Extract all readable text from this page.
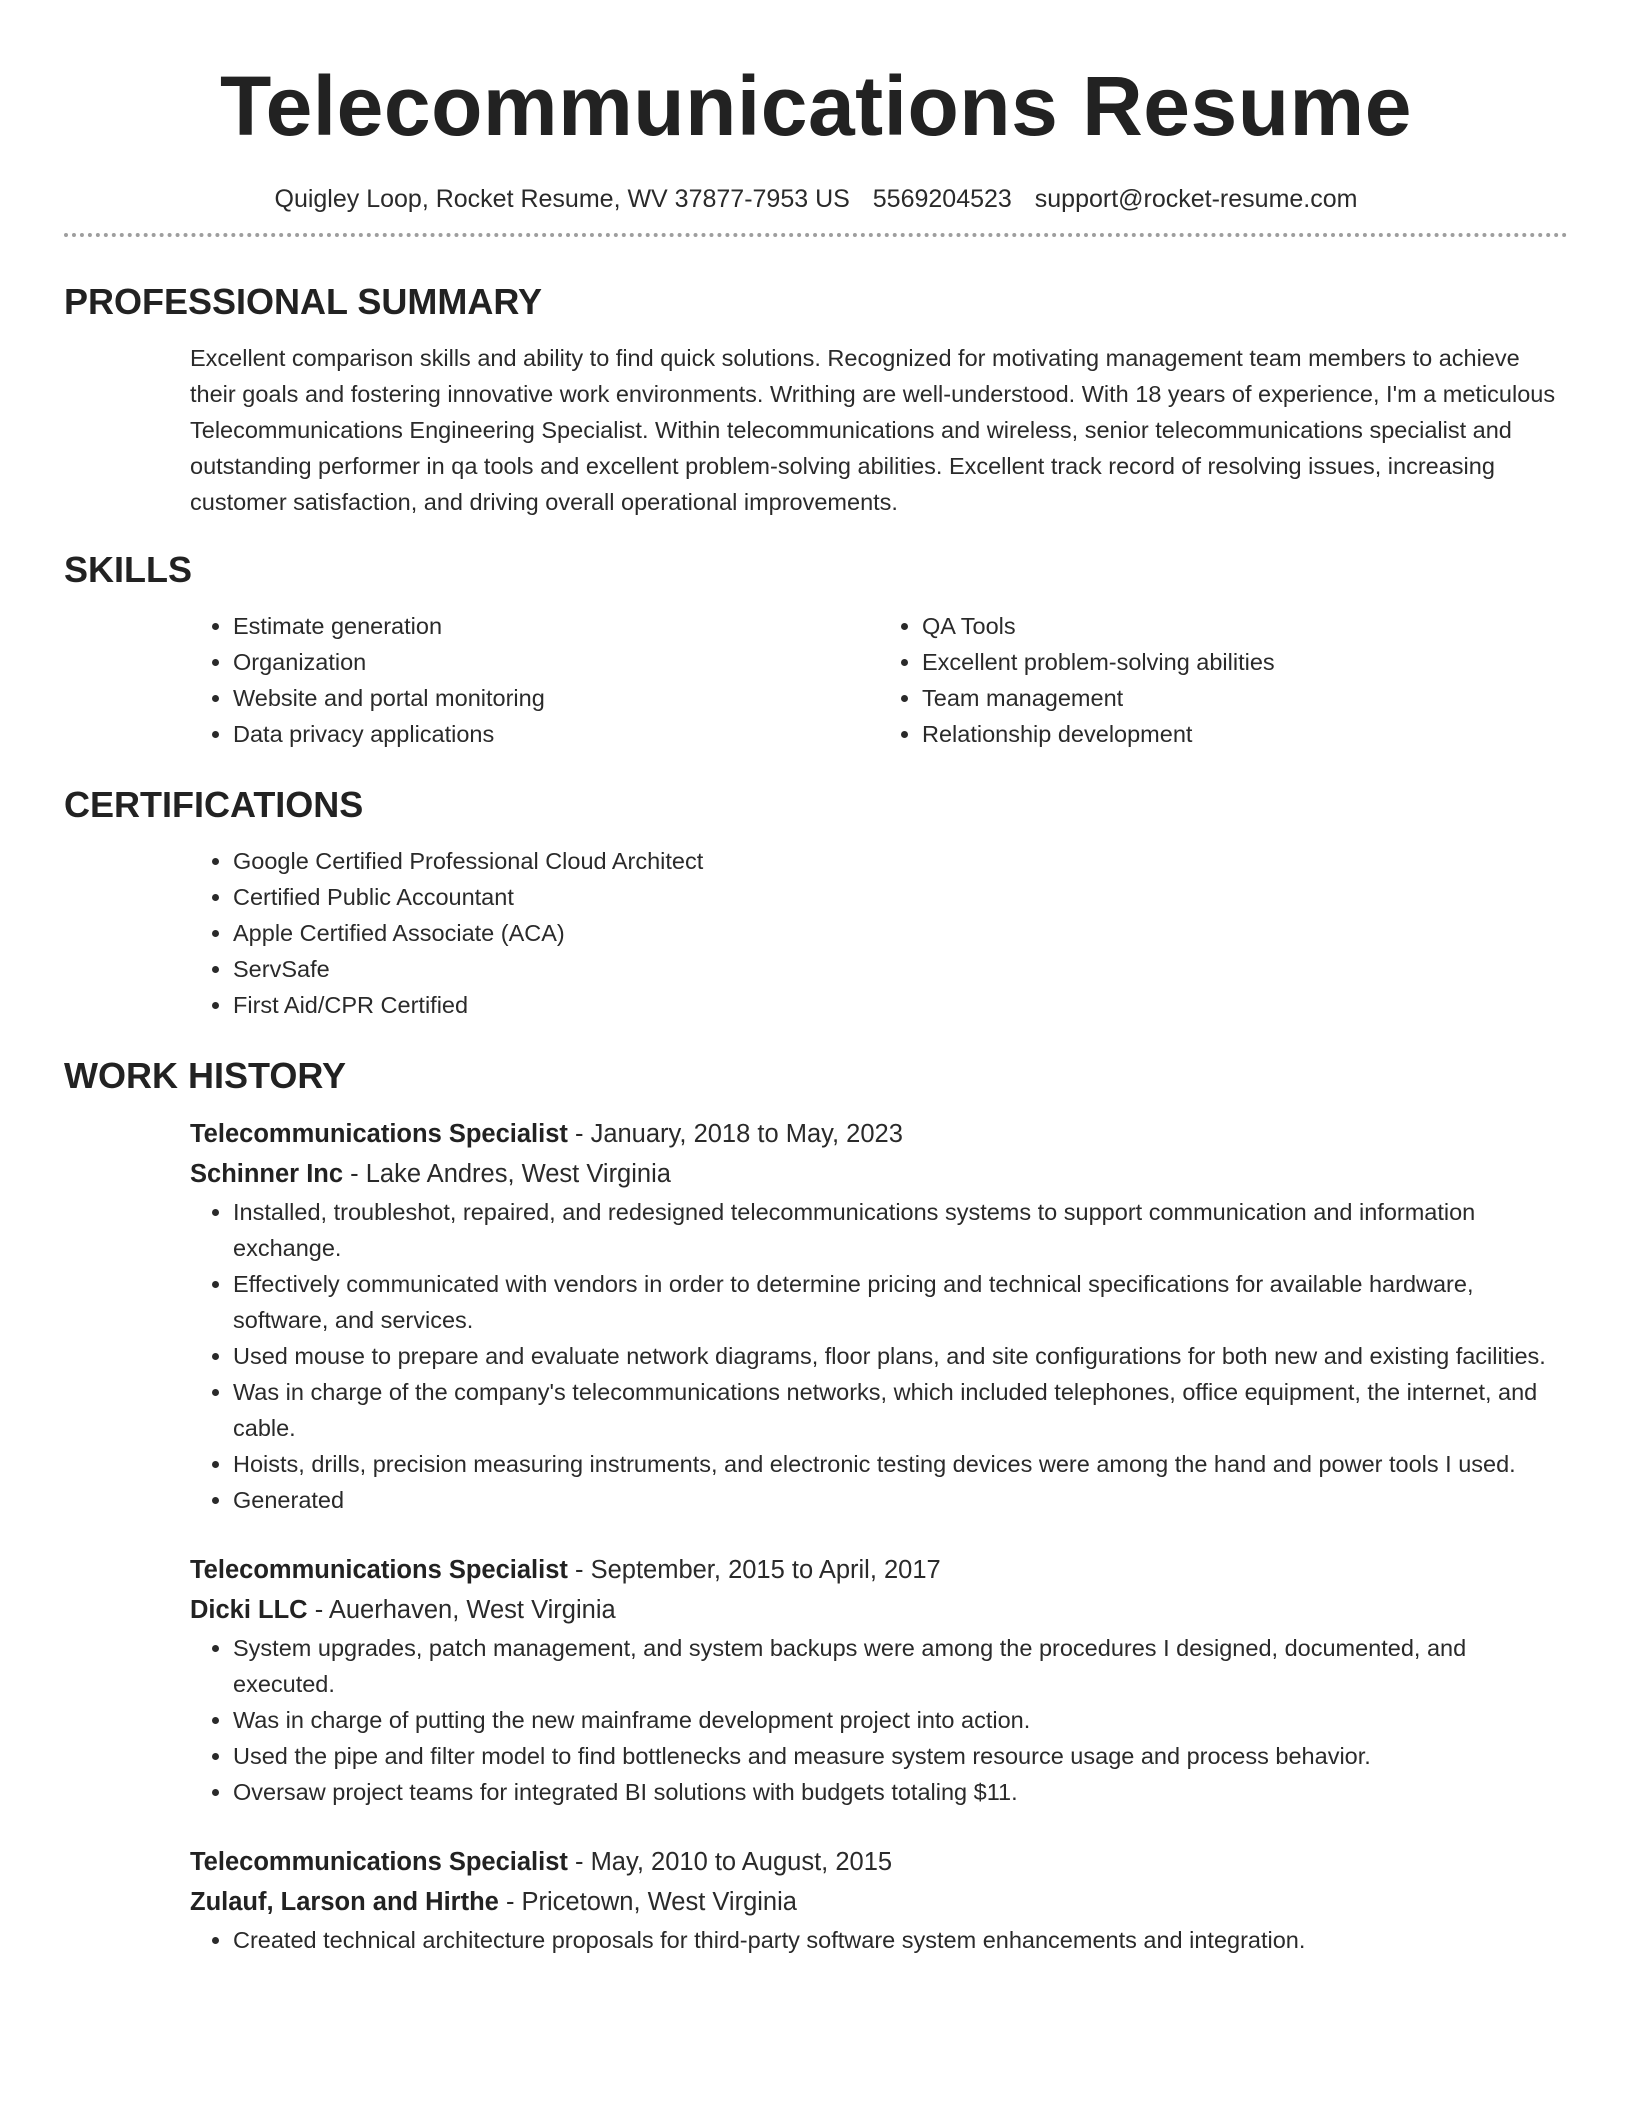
Telecommunications Resume
Quigley Loop, Rocket Resume, WV 37877-7953 US 5569204523 support@rocket-resume.com
PROFESSIONAL SUMMARY
Excellent comparison skills and ability to find quick solutions. Recognized for motivating management team members to achieve their goals and fostering innovative work environments. Writhing are well-understood. With 18 years of experience, I'm a meticulous Telecommunications Engineering Specialist. Within telecommunications and wireless, senior telecommunications specialist and outstanding performer in qa tools and excellent problem-solving abilities. Excellent track record of resolving issues, increasing customer satisfaction, and driving overall operational improvements.
SKILLS
• Estimate generation
• Organization
• Website and portal monitoring
• Data privacy applications
• QA Tools
• Excellent problem-solving abilities
• Team management
• Relationship development
CERTIFICATIONS
• Google Certified Professional Cloud Architect
• Certified Public Accountant
• Apple Certified Associate (ACA)
• ServSafe
• First Aid/CPR Certified
WORK HISTORY
Telecommunications Specialist - January, 2018 to May, 2023
Schinner Inc - Lake Andres, West Virginia
• Installed, troubleshot, repaired, and redesigned telecommunications systems to support communication and information exchange.
• Effectively communicated with vendors in order to determine pricing and technical specifications for available hardware, software, and services.
• Used mouse to prepare and evaluate network diagrams, floor plans, and site configurations for both new and existing facilities.
• Was in charge of the company's telecommunications networks, which included telephones, office equipment, the internet, and cable.
• Hoists, drills, precision measuring instruments, and electronic testing devices were among the hand and power tools I used.
• Generated
Telecommunications Specialist - September, 2015 to April, 2017
Dicki LLC - Auerhaven, West Virginia
• System upgrades, patch management, and system backups were among the procedures I designed, documented, and executed.
• Was in charge of putting the new mainframe development project into action.
• Used the pipe and filter model to find bottlenecks and measure system resource usage and process behavior.
• Oversaw project teams for integrated BI solutions with budgets totaling $11.
Telecommunications Specialist - May, 2010 to August, 2015
Zulauf, Larson and Hirthe - Pricetown, West Virginia
• Created technical architecture proposals for third-party software system enhancements and integration.
